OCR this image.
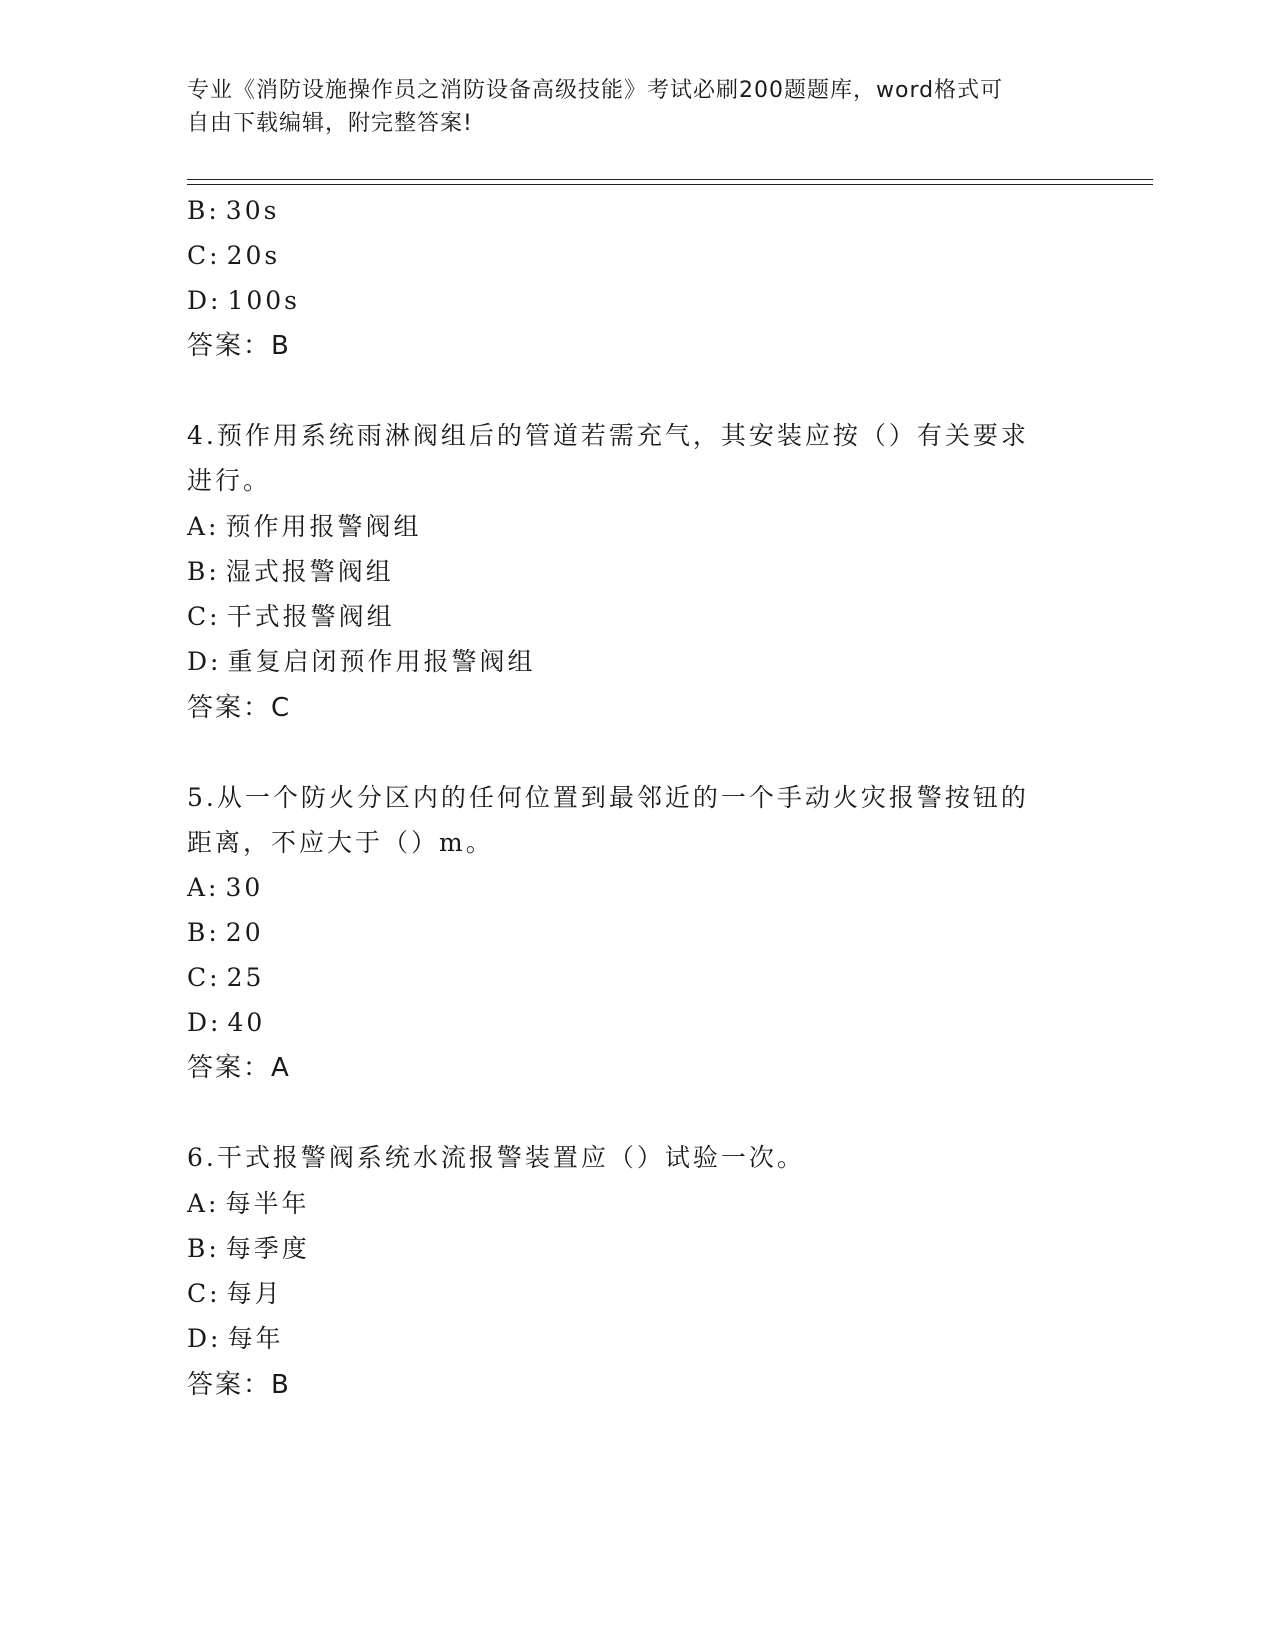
专业《消防设施操作员之消防设备高级技能》考试必刷200题题库，word格式可
自由下载编辑，附完整答案!
B: 30s
C: 20s
D: 100s
答案：B
4.预作用系统雨淋阀组后的管道若需充气，其安装应按（）有关要求
进行。
A: 预作用报警阀组
B: 湿式报警阀组
C: 干式报警阀组
D: 重复启闭预作用报警阀组
答案：C
5.从一个防火分区内的任何位置到最邻近的一个手动火灾报警按钮的
距离，不应大于（）m。
A: 30
B: 20
C: 25
D: 40
答案：A
6.干式报警阀系统水流报警装置应（）试验一次。
A: 每半年
B: 每季度
C: 每月
D: 每年
答案：B
